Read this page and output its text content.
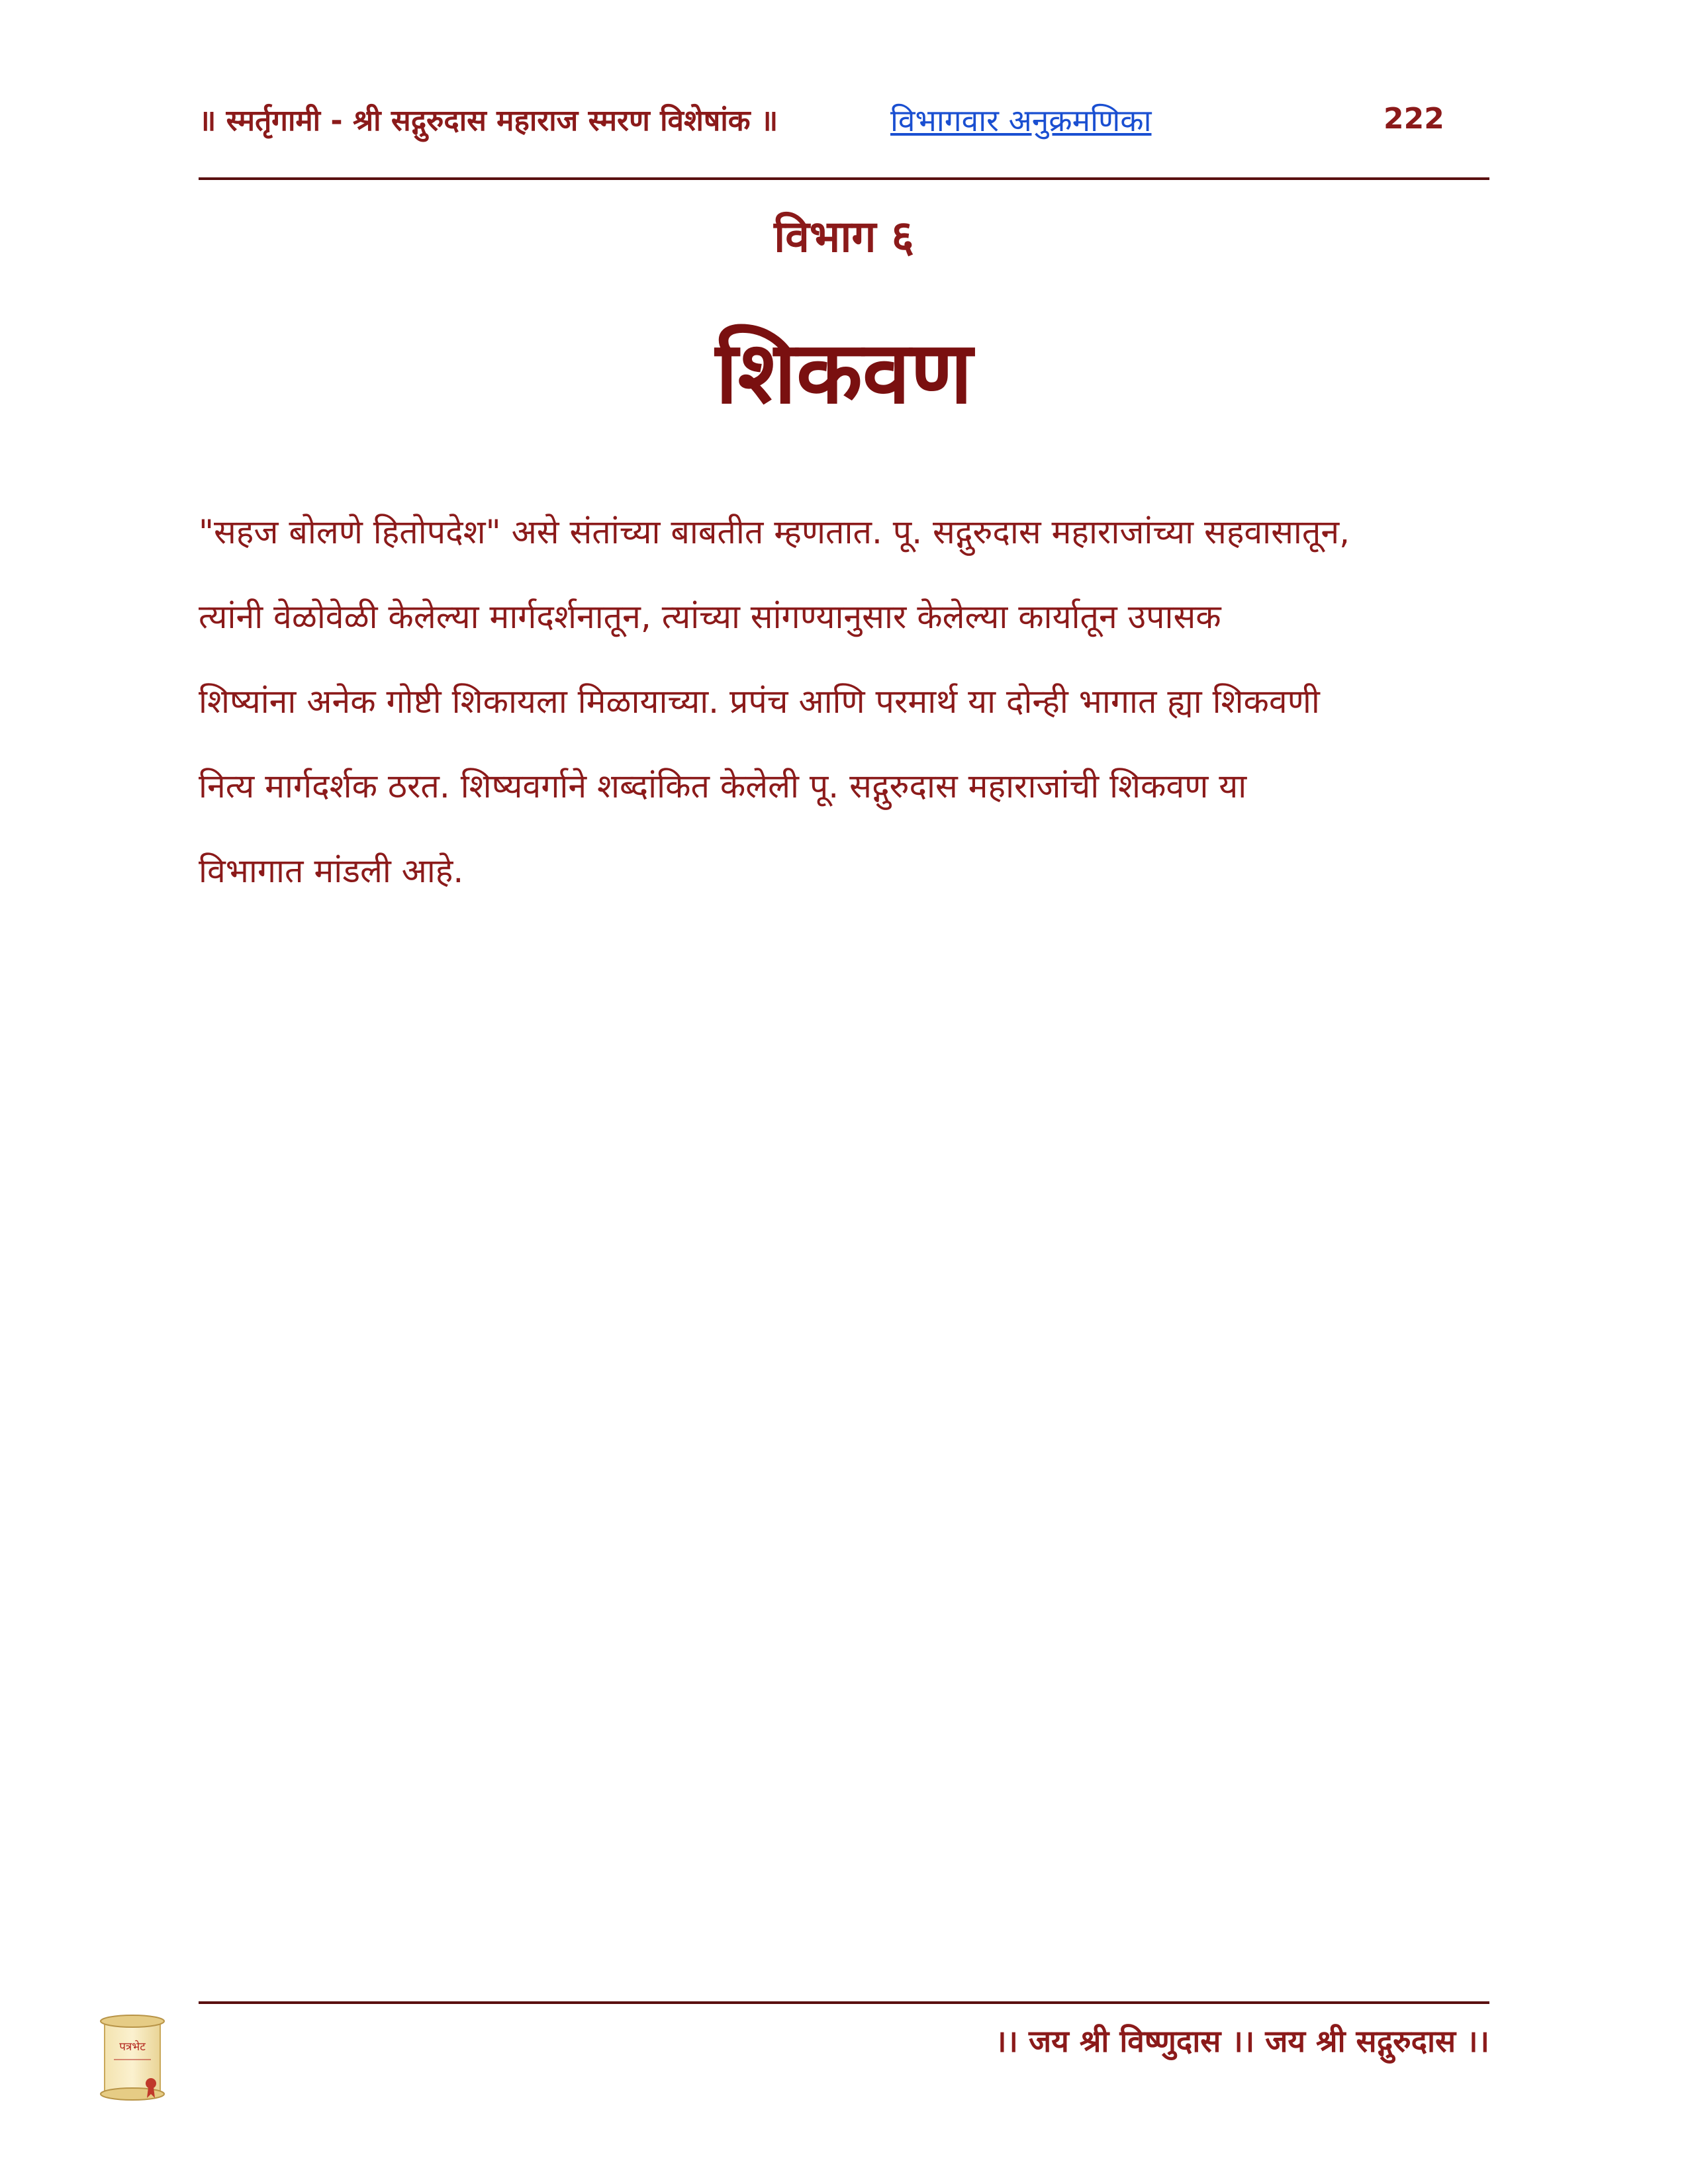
॥ स्मर्तृगामी - श्री सद्गुरुदास महाराज स्मरण विशेषांक ॥	विभागवार अनुक्रमणिका	222
विभाग ६
शिकवण
"सहज बोलणे हितोपदेश" असे संतांच्या बाबतीत म्हणतात. पू. सद्गुरुदास महाराजांच्या सहवासातून,
त्यांनी वेळोवेळी केलेल्या मार्गदर्शनातून, त्यांच्या सांगण्यानुसार केलेल्या कार्यातून उपासक
शिष्यांना अनेक गोष्टी शिकायला मिळायाच्या. प्रपंच आणि परमार्थ या दोन्ही भागात ह्या शिकवणी
नित्य मार्गदर्शक ठरत. शिष्यवर्गाने शब्दांकित केलेली पू. सद्गुरुदास महाराजांची शिकवण या
विभागात मांडली आहे.
।। जय श्री विष्णुदास ।। जय श्री सद्गुरुदास ।।
पत्रभेट
